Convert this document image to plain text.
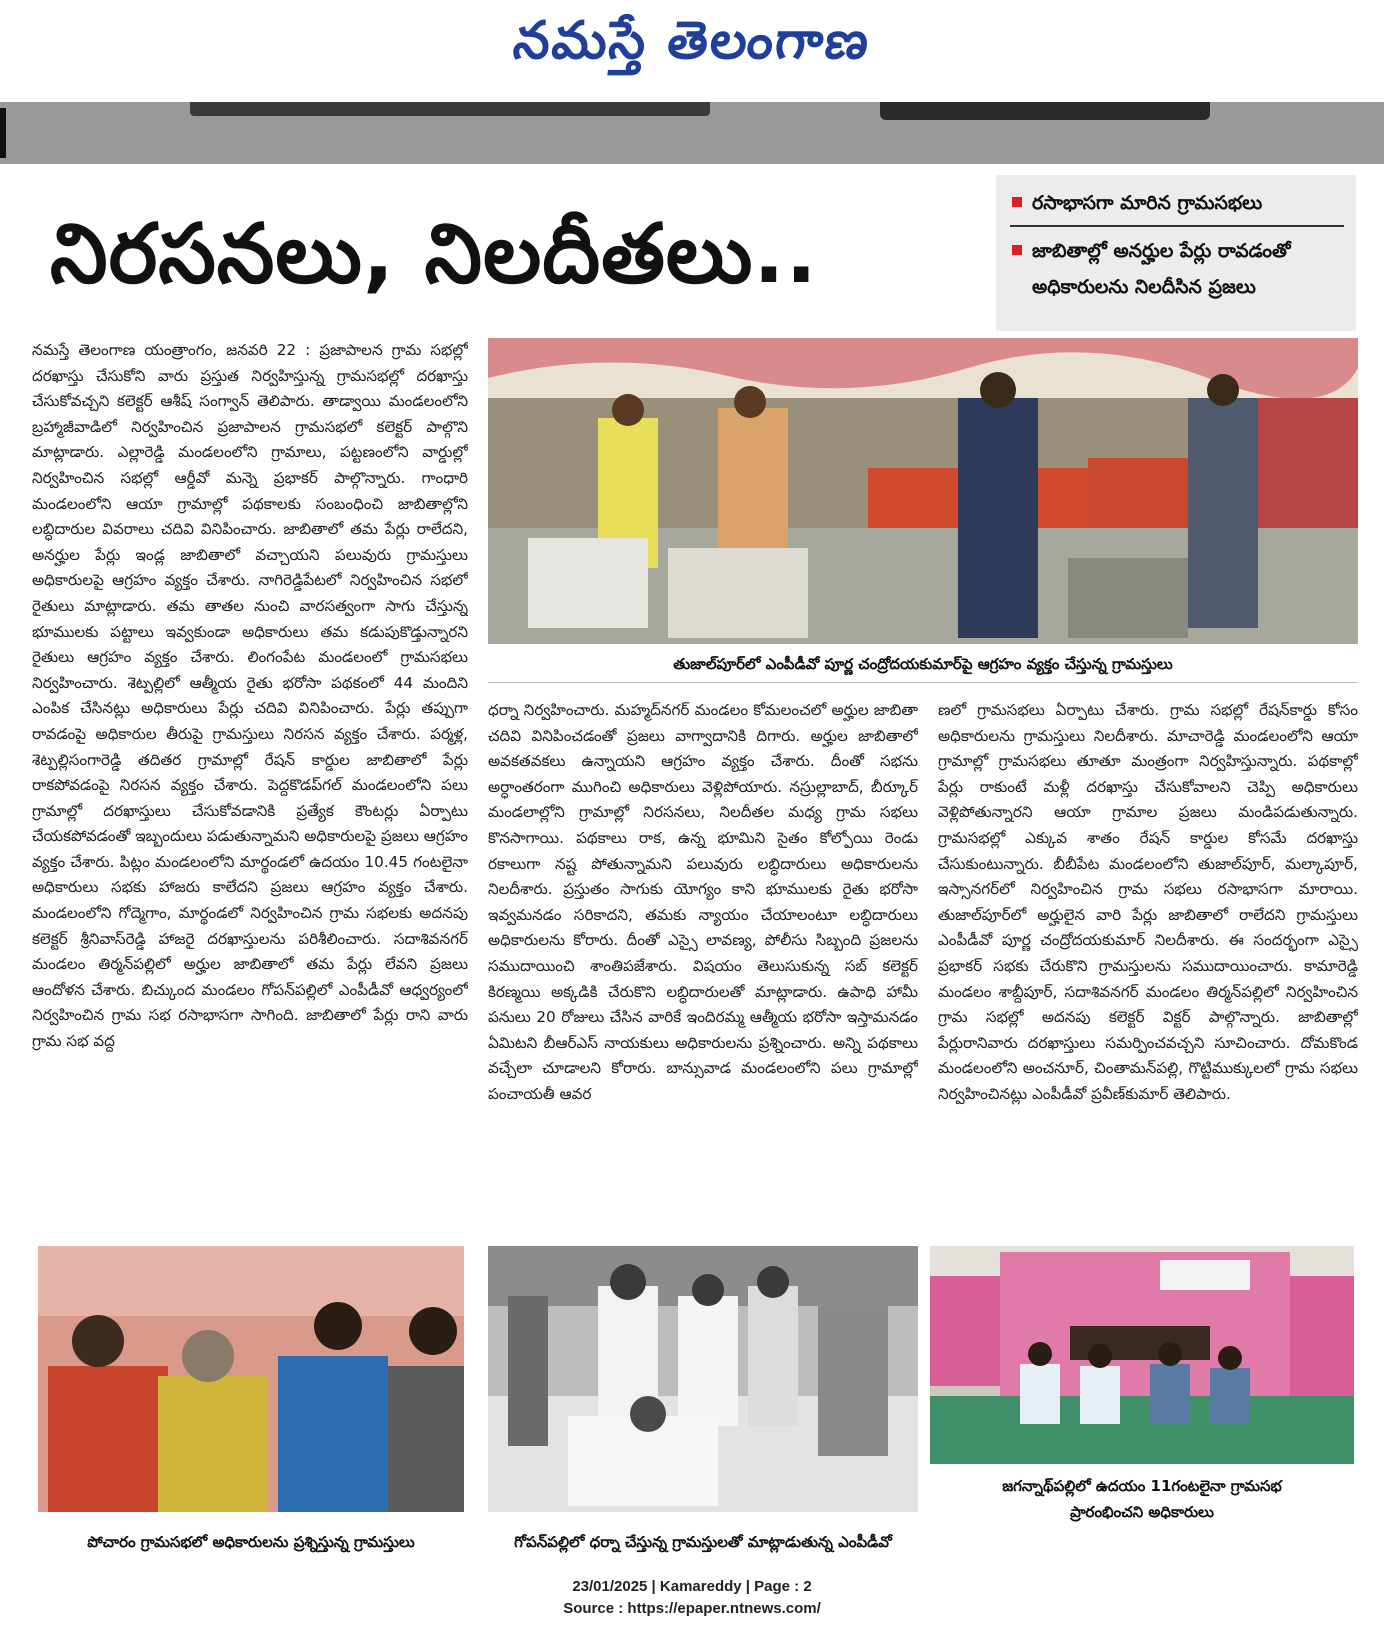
నమస్తే తెలంగాణ
నిరసనలు, నిలదీతలు..
రసాభాసగా మారిన గ్రామసభలు
జాబితాల్లో అనర్హుల పేర్లు రావడంతో
అధికారులను నిలదీసిన ప్రజలు
తుజాల్‌పూర్‌లో ఎంపీడీవో పూర్ణ చంద్రోదయకుమార్‌పై ఆగ్రహం వ్యక్తం చేస్తున్న గ్రామస్తులు

నమస్తే తెలంగాణ యంత్రాంగం, జనవరి 22 : ప్రజాపాలన గ్రామ సభల్లో దరఖాస్తు చేసుకోని వారు ప్రస్తుత నిర్వహిస్తున్న గ్రామసభల్లో దరఖాస్తు చేసుకోవచ్చని కలెక్టర్ ఆశీష్ సంగ్వాన్ తెలిపారు. తాడ్వాయి మండలంలోని బ్రహ్మాజీవాడిలో నిర్వహించిన ప్రజాపాలన గ్రామసభలో కలెక్టర్ పాల్గొని మాట్లాడారు. ఎల్లారెడ్డి మండలంలోని గ్రామాలు, పట్టణంలోని వార్డుల్లో నిర్వహించిన సభల్లో ఆర్డీవో మన్నె ప్రభాకర్ పాల్గొన్నారు. గాంధారి మండలంలోని ఆయా గ్రామాల్లో పథకాలకు సంబంధించి జాబితాల్లోని లబ్ధిదారుల వివరాలు చదివి వినిపించారు. జాబితాలో తమ పేర్లు రాలేదని, అనర్హుల పేర్లు ఇండ్ల జాబితాలో వచ్చాయని పలువురు గ్రామస్తులు అధికారులపై ఆగ్రహం వ్యక్తం చేశారు. నాగిరెడ్డిపేటలో నిర్వహించిన సభలో రైతులు మాట్లాడారు. తమ తాతల నుంచి వారసత్వంగా సాగు చేస్తున్న భూములకు పట్టాలు ఇవ్వకుండా అధికారులు తమ కడుపుకొడ్తున్నారని రైతులు ఆగ్రహం వ్యక్తం చేశారు. లింగంపేట మండలంలో గ్రామసభలు నిర్వహించారు. శెట్పల్లిలో ఆత్మీయ రైతు భరోసా పథకంలో 44 మందిని ఎంపిక చేసినట్లు అధికారులు పేర్లు చదివి వినిపించారు. పేర్లు తప్పుగా రావడంపై అధికారుల తీరుపై గ్రామస్తులు నిరసన వ్యక్తం చేశారు. పర్మళ్ల, శెట్పల్లిసంగారెడ్డి తదితర గ్రామాల్లో రేషన్ కార్డుల జాబితాలో పేర్లు రాకపోవడంపై నిరసన వ్యక్తం చేశారు. పెద్దకొడప్‌గల్ మండలంలోని పలు గ్రామాల్లో దరఖాస్తులు చేసుకోవడానికి ప్రత్యేక కౌంటర్లు ఏర్పాటు చేయకపోవడంతో ఇబ్బందులు పడుతున్నామని అధికారులపై ప్రజలు ఆగ్రహం వ్యక్తం చేశారు. పిట్లం మండలంలోని మార్థండలో ఉదయం 10.45 గంటలైనా అధికారులు సభకు హాజరు కాలేదని ప్రజలు ఆగ్రహం వ్యక్తం చేశారు. మండలంలోని గోద్మెగాం, మార్థండలో నిర్వహించిన గ్రామ సభలకు అదనపు కలెక్టర్ శ్రీనివాస్‌రెడ్డి హాజరై దరఖాస్తులను పరిశీలించారు. సదాశివనగర్ మండలం తిర్మన్‌పల్లిలో అర్హుల జాబితాలో తమ పేర్లు లేవని ప్రజలు ఆందోళన చేశారు. బిచ్కుంద మండలం గోపన్‌పల్లిలో ఎంపీడీవో ఆధ్వర్యంలో నిర్వహించిన గ్రామ సభ రసాభాసగా సాగింది. జాబితాలో పేర్లు రాని వారు గ్రామ సభ వద్ద

ధర్నా నిర్వహించారు. మహ్మద్‌నగర్ మండలం కోమలంచలో అర్హుల జాబితా చదివి వినిపించడంతో ప్రజలు వాగ్వాదానికి దిగారు. అర్హుల జాబితాలో అవకతవకలు ఉన్నాయని ఆగ్రహం వ్యక్తం చేశారు. దీంతో సభను అర్ధాంతరంగా ముగించి అధికారులు వెళ్లిపోయారు. నస్రుల్లాబాద్, బీర్కూర్ మండలాల్లోని గ్రామాల్లో నిరసనలు, నిలదీతల మధ్య గ్రామ సభలు కొనసాగాయి. పథకాలు రాక, ఉన్న భూమిని సైతం కోల్పోయి రెండు రకాలుగా నష్ట పోతున్నామని పలువురు లబ్ధిదారులు అధికారులను నిలదీశారు. ప్రస్తుతం సాగుకు యోగ్యం కాని భూములకు రైతు భరోసా ఇవ్వమనడం సరికాదని, తమకు న్యాయం చేయాలంటూ లబ్ధిదారులు అధికారులను కోరారు. దీంతో ఎస్సై లావణ్య, పోలీసు సిబ్బంది ప్రజలను సముదాయించి శాంతిపజేశారు. విషయం తెలుసుకున్న సబ్ కలెక్టర్ కిరణ్మయి అక్కడికి చేరుకొని లబ్ధిదారులతో మాట్లాడారు. ఉపాధి హామీ పనులు 20 రోజులు చేసిన వారికే ఇందిరమ్మ ఆత్మీయ భరోసా ఇస్తామనడం ఏమిటని బీఆర్ఎస్ నాయకులు అధికారులను ప్రశ్నించారు. అన్ని పథకాలు వచ్చేలా చూడాలని కోరారు. బాన్సువాడ మండలంలోని పలు గ్రామాల్లో పంచాయతీ ఆవర

ణలో గ్రామసభలు ఏర్పాటు చేశారు. గ్రామ సభల్లో రేషన్‌కార్డు కోసం అధికారులను గ్రామస్తులు నిలదీశారు. మాచారెడ్డి మండలంలోని ఆయా గ్రామాల్లో గ్రామసభలు తూతూ మంత్రంగా నిర్వహిస్తున్నారు. పథకాల్లో పేర్లు రాకుంటే మళ్లీ దరఖాస్తు చేసుకోవాలని చెప్పి అధికారులు వెళ్లిపోతున్నారని ఆయా గ్రామాల ప్రజలు మండిపడుతున్నారు. గ్రామసభల్లో ఎక్కువ శాతం రేషన్ కార్డుల కోసమే దరఖాస్తు చేసుకుంటున్నారు. బీబీపేట మండలంలోని తుజాల్‌పూర్, మల్కాపూర్, ఇస్సానగర్‌లో నిర్వహించిన గ్రామ సభలు రసాభాసగా మారాయి. తుజాల్‌పూర్‌లో అర్హులైన వారి పేర్లు జాబితాలో రాలేదని గ్రామస్తులు ఎంపీడీవో పూర్ణ చంద్రోదయకుమార్ నిలదీశారు. ఈ సందర్భంగా ఎస్సై ప్రభాకర్ సభకు చేరుకొని గ్రామస్తులను సముదాయించారు. కామారెడ్డి మండలం శాబ్దీపూర్, సదాశివనగర్ మండలం తిర్మన్‌పల్లిలో నిర్వహించిన గ్రామ సభల్లో అదనపు కలెక్టర్ విక్టర్ పాల్గొన్నారు. జాబితాల్లో పేర్లురానివారు దరఖాస్తులు సమర్పించవచ్చని సూచించారు. దోమకొండ మండలంలోని అంచనూర్, చింతామన్‌పల్లి, గొట్టిముక్కులలో గ్రామ సభలు నిర్వహించినట్లు ఎంపీడీవో ప్రవీణ్‌కుమార్ తెలిపారు.

పోచారం గ్రామసభలో అధికారులను ప్రశ్నిస్తున్న గ్రామస్తులు	గోపన్‌పల్లిలో ధర్నా చేస్తున్న గ్రామస్తులతో మాట్లాడుతున్న ఎంపీడీవో
జగన్నాథ్‌పల్లిలో ఉదయం 11గంటలైనా గ్రామసభ
ప్రారంభించని అధికారులు
23/01/2025 | Kamareddy | Page : 2
Source : https://epaper.ntnews.com/
